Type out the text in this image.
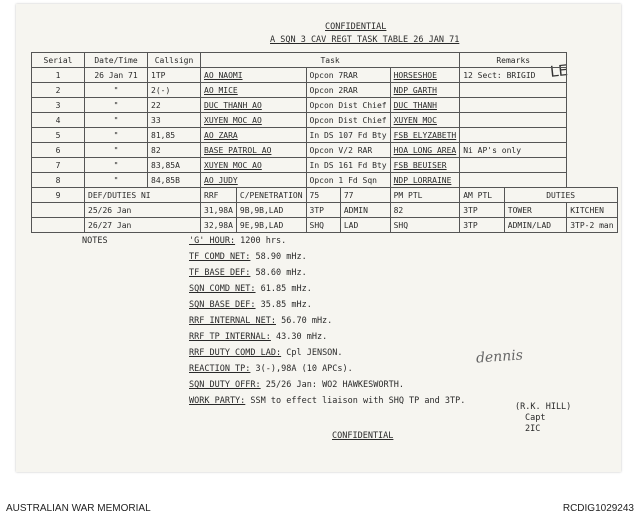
CONFIDENTIAL
A SQN 3 CAV REGT TASK TABLE 26 JAN 71
LE
Serial	Date/Time	Callsign	Task					Remarks		
1	26 Jan 71	1TP	AO NAOMI		Opcon 7RAR		HORSESHOE	12 Sect: BRIGID		
2	"	2(-)	AO MICE		Opcon 2RAR		NDP GARTH			
3	"	22	DUC THANH AO		Opcon Dist Chief		DUC THANH			
4	"	33	XUYEN MOC AO		Opcon Dist Chief		XUYEN MOC			
5	"	81,85	AO ZARA		In DS 107 Fd Bty		FSB ELYZABETH			
6	"	82	BASE PATROL AO		Opcon V/2 RAR		HOA LONG AREA	Ni AP's only		
7	"	83,85A	XUYEN MOC AO		In DS 161 Fd Bty		FSB BEUISER			
8	"	84,85B	AO JUDY		Opcon 1 Fd Sqn		NDP LORRAINE			
9	DEF/DUTIES NI		RRF	C/PENETRATION	75	77	PM PTL	AM PTL	DUTIES	
	25/26 Jan		31,98A	9B,9B,LAD	3TP	ADMIN	82	3TP	TOWER	KITCHEN
	26/27 Jan		32,98A	9E,9B,LAD	SHQ	LAD	SHQ	3TP	ADMIN/LAD	3TP-2 man
NOTES	'G' HOUR: 1200 hrs.
TF COMD NET: 58.90 mHz.
TF BASE DEF: 58.60 mHz.
SQN COMD NET: 61.85 mHz.
SQN BASE DEF: 35.85 mHz.
RRF INTERNAL NET: 56.70 mHz.
RRF TP INTERNAL: 43.30 mHz.
RRF DUTY COMD LAD: Cpl JENSON.
REACTION TP: 3(-),98A (10 APCs).
SQN DUTY OFFR: 25/26 Jan: WO2 HAWKESWORTH.
WORK PARTY: SSM to effect liaison with SHQ TP and 3TP.
dennis
(R.K. HILL)
Capt
2IC
CONFIDENTIAL
AUSTRALIAN WAR MEMORIAL	RCDIG1029243
